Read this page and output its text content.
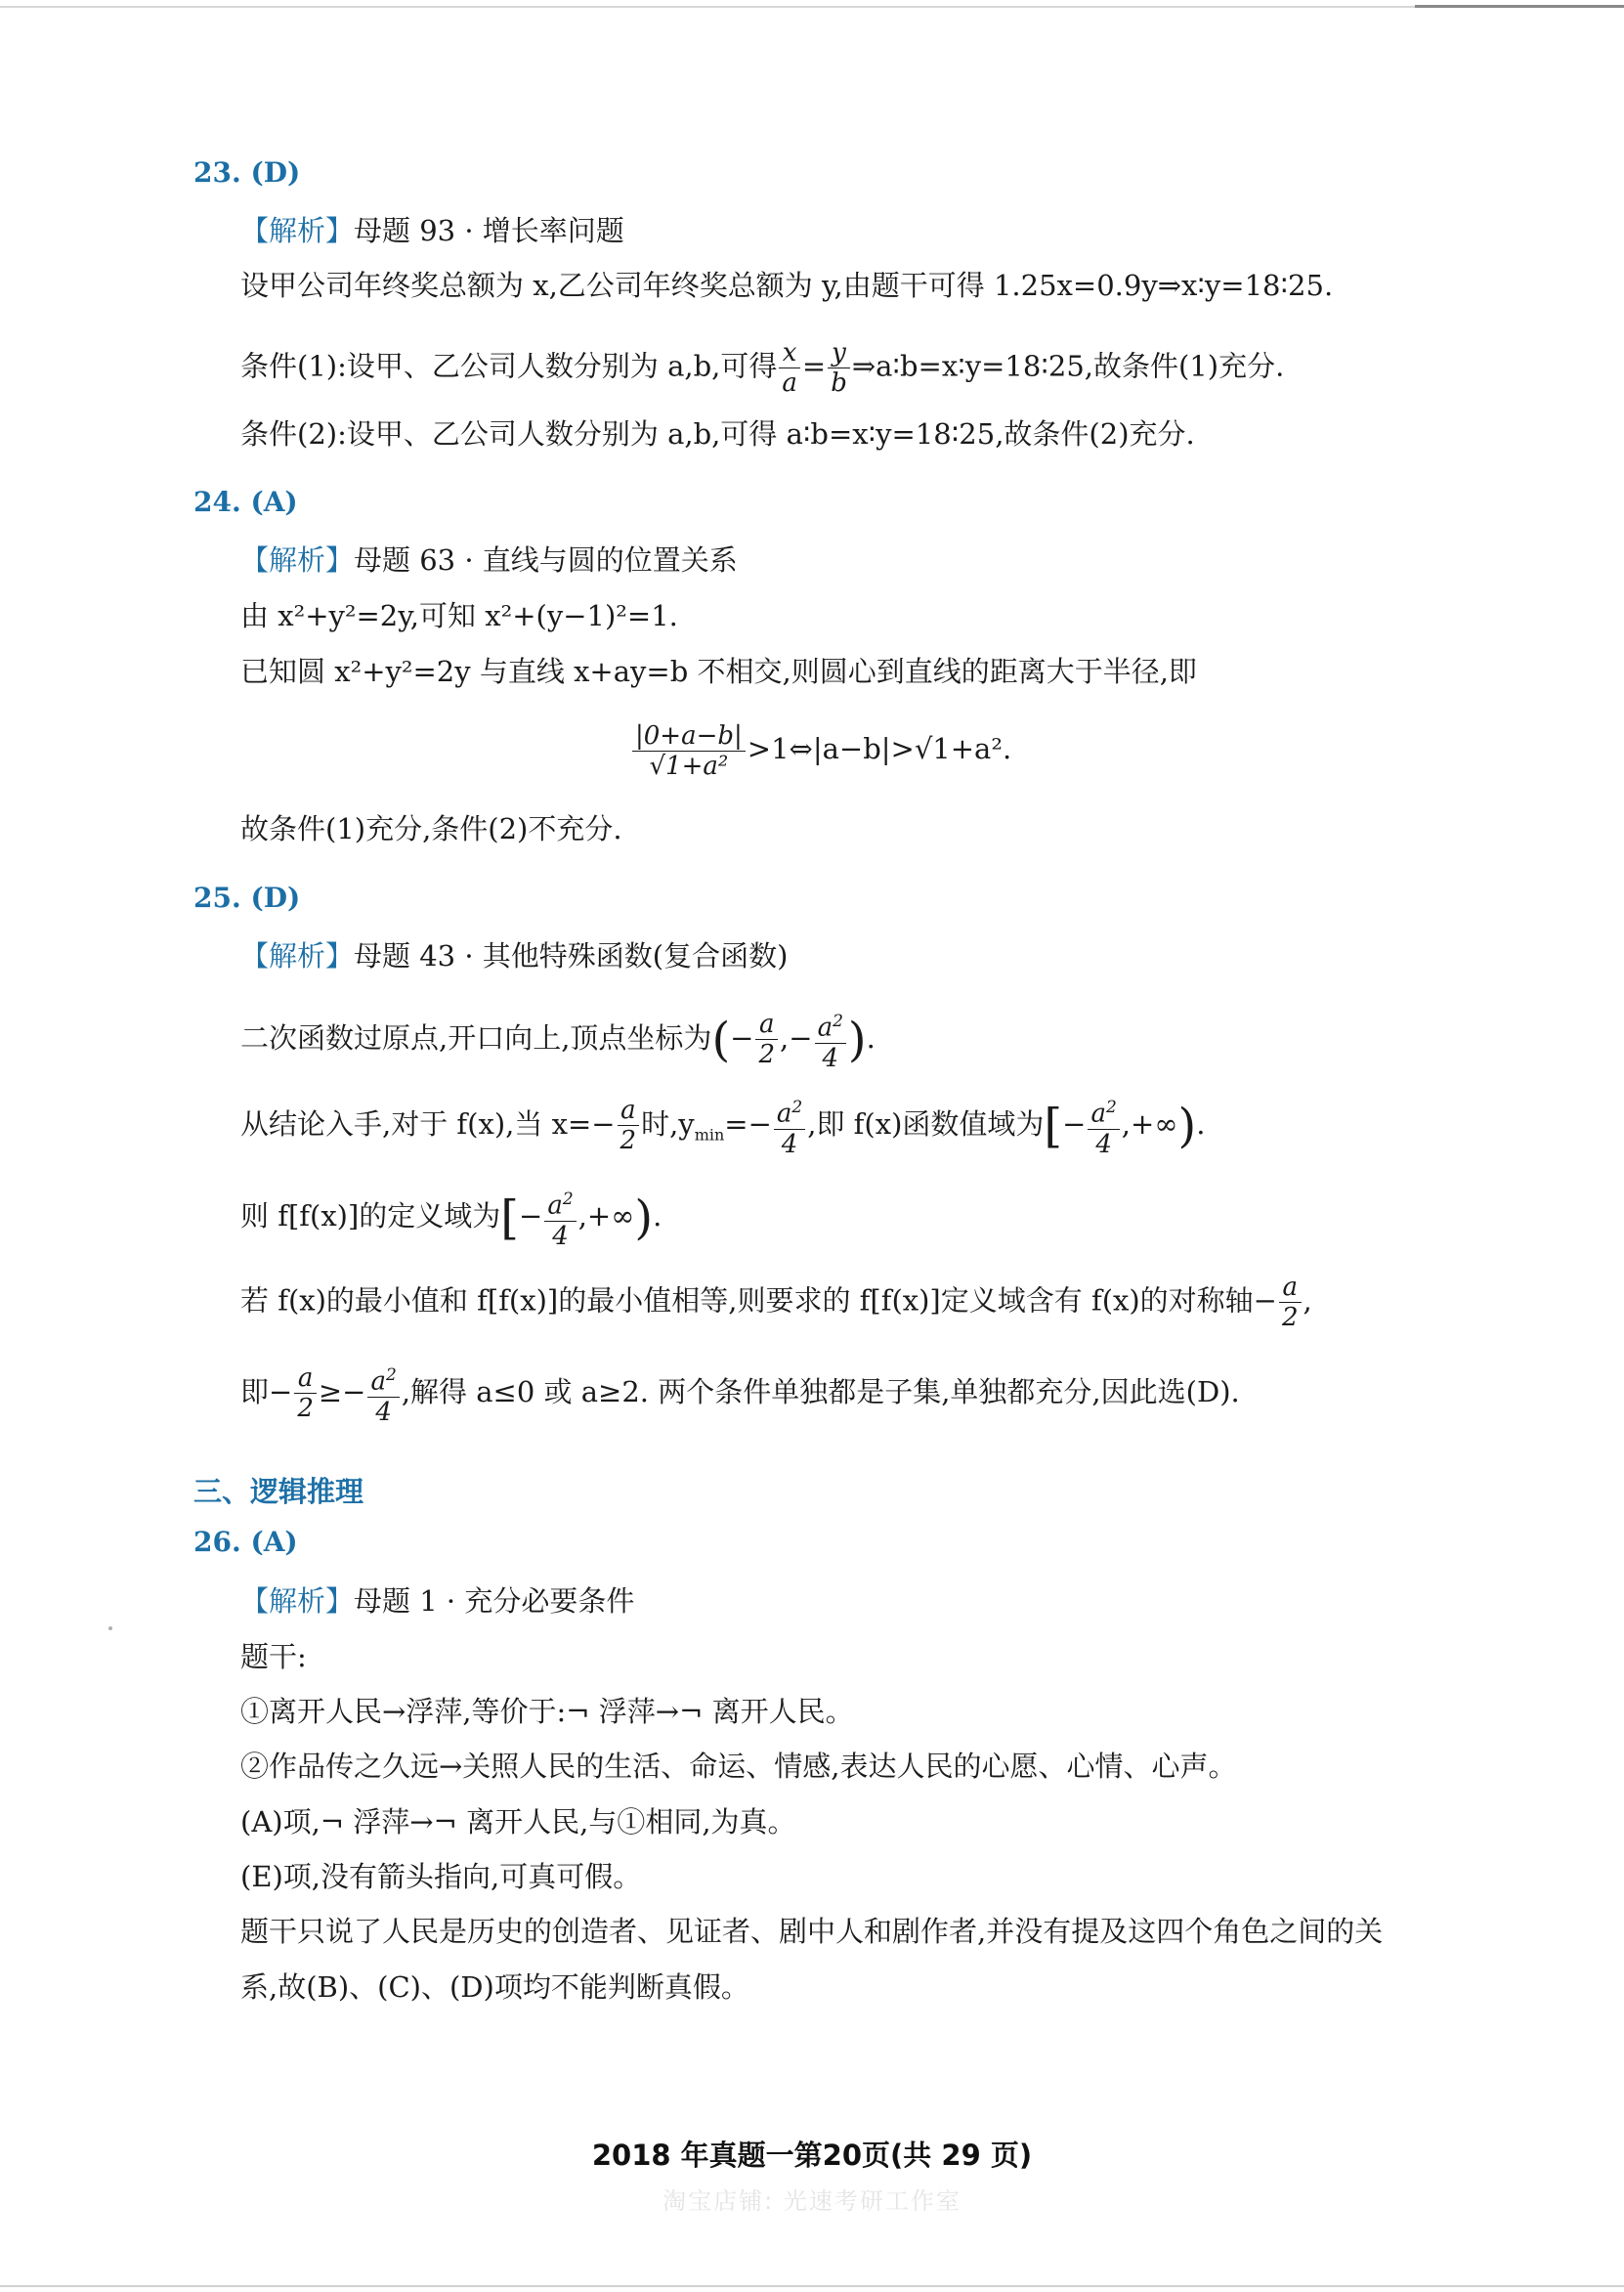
23. (D)
【解析】母题 93 · 增长率问题
设甲公司年终奖总额为 x,乙公司年终奖总额为 y,由题干可得 1.25x=0.9y⇒x∶y=18∶25.
条件(1):设甲、乙公司人数分别为 a,b,可得 $\frac{x}{a} = \frac{y}{b}$ ⇒a∶b=x∶y=18∶25,故条件(1)充分.
条件(2):设甲、乙公司人数分别为 a,b,可得 a∶b=x∶y=18∶25,故条件(2)充分.
24. (A)
【解析】母题 63 · 直线与圆的位置关系
由 x²+y²=2y,可知 x²+(y−1)²=1.
已知圆 x²+y²=2y 与直线 x+ay=b 不相交,则圆心到直线的距离大于半径,即
$\frac{|0+a-b|}{\text{√1+a²}}$ >1⇔|a−b|>√1+a².
故条件(1)充分,条件(2)不充分.
25. (D)
【解析】母题 43 · 其他特殊函数(复合函数)
二次函数过原点,开口向上,顶点坐标为(− $\frac{a}{2}$ ,− $\frac{a^2}{4}$ ).
从结论入手,对于 f(x),当 $x=- \frac{a}{2}$ 时$,y_{min}=- \frac{a^2}{4}$ ,即 f(x)函数值域为[− $\frac{a^2}{4}$ ,+∞).
则 f[f(x)]的定义域为[− $\frac{a^2}{4}$ ,+∞).
若 f(x)的最小值和 f[f(x)]的最小值相等,则要求的 f[f(x)]定义域含有 f(x)的对称轴− $\frac{a}{2}$ ,
即− $\frac{a}{2} \ge- \frac{a^2}{4}$ ,解得 a≤0 或 a≥2. 两个条件单独都是子集,单独都充分,因此选(D).
三、逻辑推理
26. (A)
【解析】母题 1 · 充分必要条件
题干:
①离开人民→浮萍,等价于:¬ 浮萍→¬ 离开人民。
②作品传之久远→关照人民的生活、命运、情感,表达人民的心愿、心情、心声。
(A)项,¬ 浮萍→¬ 离开人民,与①相同,为真。
(E)项,没有箭头指向,可真可假。
题干只说了人民是历史的创造者、见证者、剧中人和剧作者,并没有提及这四个角色之间的关
系,故(B)、(C)、(D)项均不能判断真假。
2018 年真题一第20页(共 29 页)
淘宝店铺: 光速考研工作室
